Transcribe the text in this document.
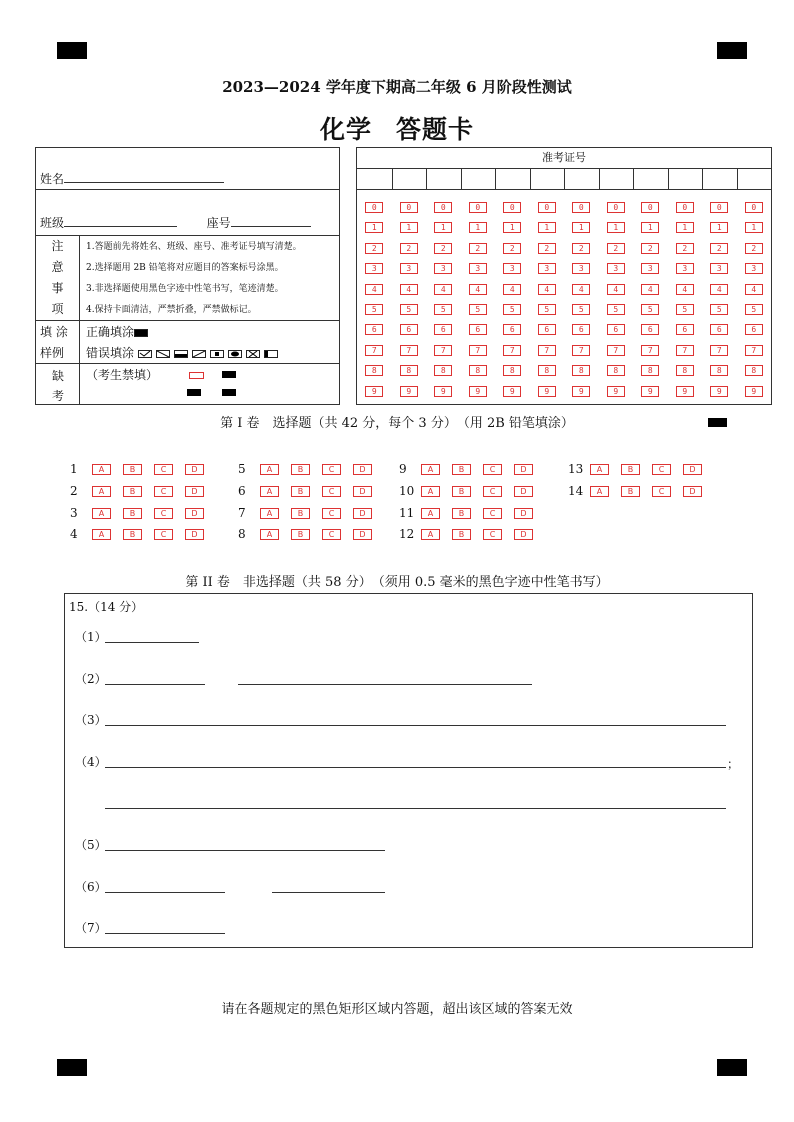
2023—2024 学年度下期高二年级 6 月阶段性测试
化学 答题卡
姓名
班级	座号
注
意
事
项
1.答题前先将姓名、班级、座号、准考证号填写清楚。
2.选择题用 2B 铅笔将对应题目的答案标号涂黑。
3.非选择题使用黑色字迹中性笔书写，笔迹清楚。
4.保持卡面清洁，严禁折叠，严禁做标记。
填 涂
样例
正确填涂
错误填涂
缺
考
（考生禁填）
准考证号
0	0	0	0	0	0	0	0	0	0	0	0
1	1	1	1	1	1	1	1	1	1	1	1
2	2	2	2	2	2	2	2	2	2	2	2
3	3	3	3	3	3	3	3	3	3	3	3
4	4	4	4	4	4	4	4	4	4	4	4
5	5	5	5	5	5	5	5	5	5	5	5
6	6	6	6	6	6	6	6	6	6	6	6
7	7	7	7	7	7	7	7	7	7	7	7
8	8	8	8	8	8	8	8	8	8	8	8
9	9	9	9	9	9	9	9	9	9	9	9
第 I 卷　选择题（共 42 分，每个 3 分）　（用 2B 铅笔填涂）
1	A	B	C	D
2	A	B	C	D
3	A	B	C	D
4	A	B	C	D
5	A	B	C	D
6	A	B	C	D
7	A	B	C	D
8	A	B	C	D
9	A	B	C	D
10	A	B	C	D
11	A	B	C	D
12	A	B	C	D
13	A	B	C	D
14	A	B	C	D
第 II 卷　非选择题（共 58 分）　（须用 0.5 毫米的黑色字迹中性笔书写）
15.（14 分）
（1）
（2）
（3）
（4）	；
（5）
（6）
（7）
请在各题规定的黑色矩形区域内答题，超出该区域的答案无效
